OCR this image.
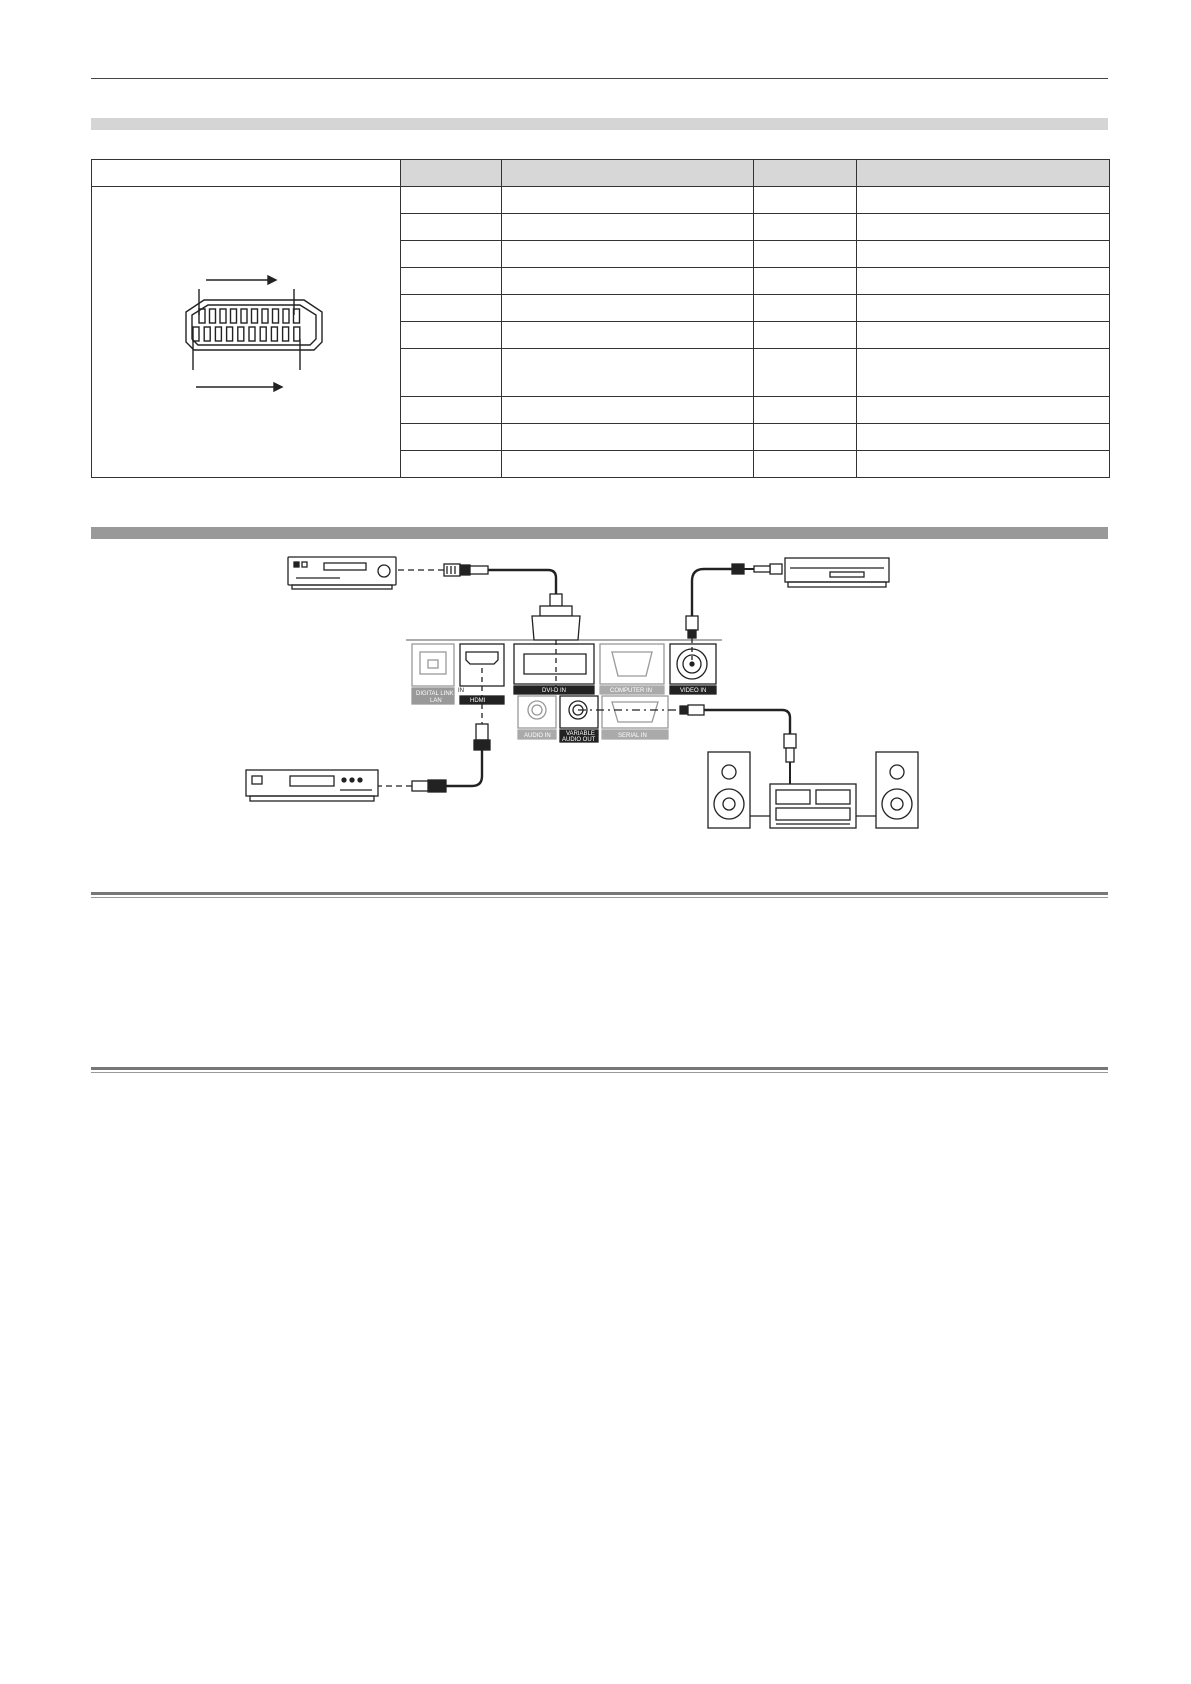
DIGITAL LINK
LAN
IN
HDMI
DVI-D IN	COMPUTER IN	VIDEO IN
AUDIO IN	VARIABLE
AUDIO OUT
SERIAL IN
